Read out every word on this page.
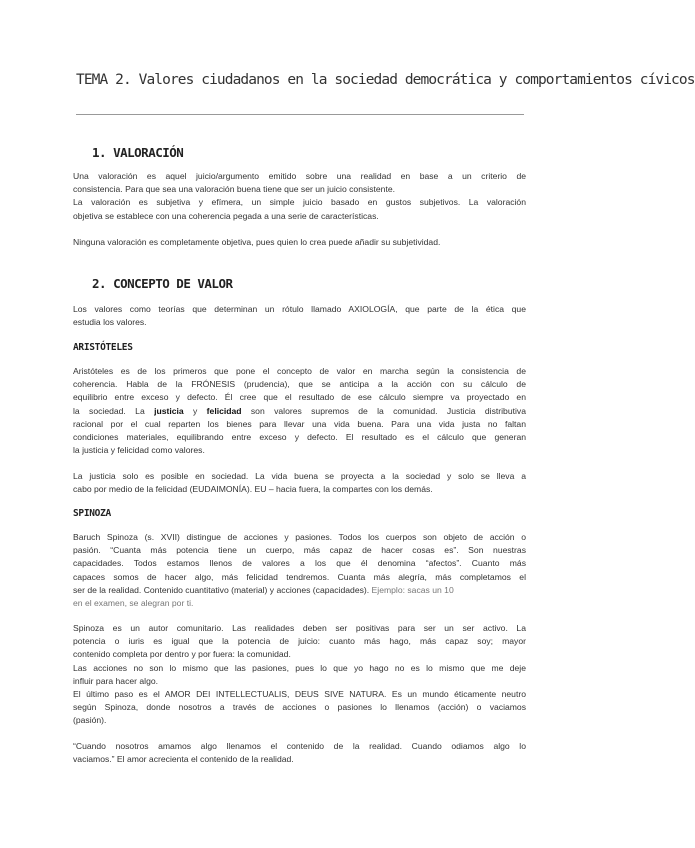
TEMA 2. Valores ciudadanos en la sociedad democrática y comportamientos cívicos
1. VALORACIÓN
Una valoración es aquel juicio/argumento emitido sobre una realidad en base a un criterio de
consistencia. Para que sea una valoración buena tiene que ser un juicio consistente.
La valoración es subjetiva y efímera, un simple juicio basado en gustos subjetivos. La valoración
objetiva se establece con una coherencia pegada a una serie de características.
Ninguna valoración es completamente objetiva, pues quien lo crea puede añadir su subjetividad.
2. CONCEPTO DE VALOR
Los valores como teorías que determinan un rótulo llamado AXIOLOGÍA, que parte de la ética que
estudia los valores.
ARISTÓTELES
Aristóteles es de los primeros que pone el concepto de valor en marcha según la consistencia de
coherencia. Habla de la FRÓNESIS (prudencia), que se anticipa a la acción con su cálculo de
equilibrio entre exceso y defecto. Él cree que el resultado de ese cálculo siempre va proyectado en
la sociedad. La justicia y felicidad son valores supremos de la comunidad. Justicia distributiva
racional por el cual reparten los bienes para llevar una vida buena. Para una vida justa no faltan
condiciones materiales, equilibrando entre exceso y defecto. El resultado es el cálculo que generan
la justicia y felicidad como valores.
La justicia solo es posible en sociedad. La vida buena se proyecta a la sociedad y solo se lleva a
cabo por medio de la felicidad (EUDAIMONÍA). EU – hacia fuera, la compartes con los demás.
SPINOZA
Baruch Spinoza (s. XVII) distingue de acciones y pasiones. Todos los cuerpos son objeto de acción o
pasión. “Cuanta más potencia tiene un cuerpo, más capaz de hacer cosas es”. Son nuestras
capacidades. Todos estamos llenos de valores a los que él denomina “afectos”. Cuanto más
capaces somos de hacer algo, más felicidad tendremos. Cuanta más alegría, más completamos el
ser de la realidad. Contenido cuantitativo (material) y acciones (capacidades). Ejemplo: sacas un 10
en el examen, se alegran por ti.
Spinoza es un autor comunitario. Las realidades deben ser positivas para ser un ser activo. La
potencia o iuris es igual que la potencia de juicio: cuanto más hago, más capaz soy; mayor
contenido completa por dentro y por fuera: la comunidad.
Las acciones no son lo mismo que las pasiones, pues lo que yo hago no es lo mismo que me deje
influir para hacer algo.
El último paso es el AMOR DEI INTELLECTUALIS, DEUS SIVE NATURA. Es un mundo éticamente neutro
según Spinoza, donde nosotros a través de acciones o pasiones lo llenamos (acción) o vaciamos
(pasión).
“Cuando nosotros amamos algo llenamos el contenido de la realidad. Cuando odiamos algo lo
vaciamos.” El amor acrecienta el contenido de la realidad.
